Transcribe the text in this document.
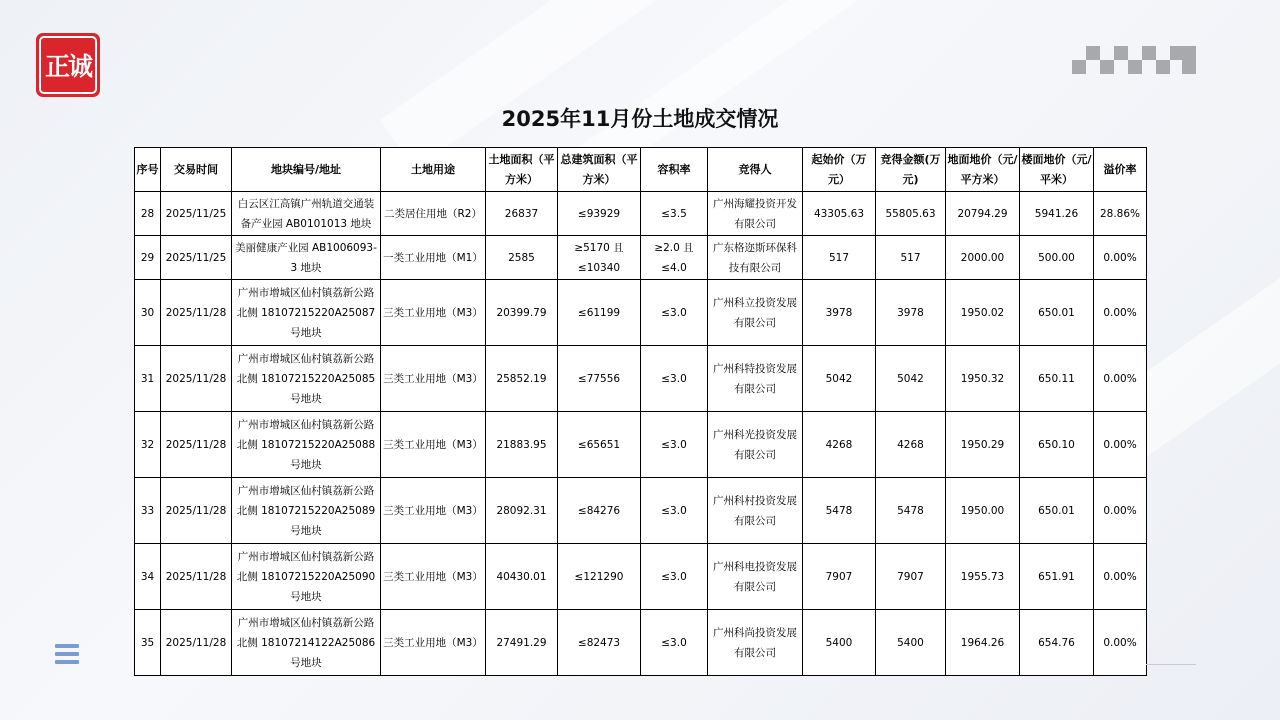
正诚
2025年11月份土地成交情况
序号	交易时间	地块编号/地址	土地用途	土地面积（平方米）	总建筑面积（平方米）	容积率	竞得人	起始价（万元）	竞得金额(万元)	地面地价（元/平方米）	楼面地价（元/平米）	溢价率
28	2025/11/25	白云区江高镇广州轨道交通装备产业园 AB0101013 地块	二类居住用地（R2）	26837	≤93929	≤3.5	广州海耀投资开发有限公司	43305.63	55805.63	20794.29	5941.26	28.86%
29	2025/11/25	美丽健康产业园 AB1006093-3 地块	一类工业用地（M1）	2585	≥5170 且≤10340	≥2.0 且≤4.0	广东格迩斯环保科技有限公司	517	517	2000.00	500.00	0.00%
30	2025/11/28	广州市增城区仙村镇荔新公路北侧 18107215220A25087 号地块	三类工业用地（M3）	20399.79	≤61199	≤3.0	广州科立投资发展有限公司	3978	3978	1950.02	650.01	0.00%
31	2025/11/28	广州市增城区仙村镇荔新公路北侧 18107215220A25085 号地块	三类工业用地（M3）	25852.19	≤77556	≤3.0	广州科特投资发展有限公司	5042	5042	1950.32	650.11	0.00%
32	2025/11/28	广州市增城区仙村镇荔新公路北侧 18107215220A25088 号地块	三类工业用地（M3）	21883.95	≤65651	≤3.0	广州科光投资发展有限公司	4268	4268	1950.29	650.10	0.00%
33	2025/11/28	广州市增城区仙村镇荔新公路北侧 18107215220A25089 号地块	三类工业用地（M3）	28092.31	≤84276	≤3.0	广州科村投资发展有限公司	5478	5478	1950.00	650.01	0.00%
34	2025/11/28	广州市增城区仙村镇荔新公路北侧 18107215220A25090 号地块	三类工业用地（M3）	40430.01	≤121290	≤3.0	广州科电投资发展有限公司	7907	7907	1955.73	651.91	0.00%
35	2025/11/28	广州市增城区仙村镇荔新公路北侧 18107214122A25086 号地块	三类工业用地（M3）	27491.29	≤82473	≤3.0	广州科尚投资发展有限公司	5400	5400	1964.26	654.76	0.00%
